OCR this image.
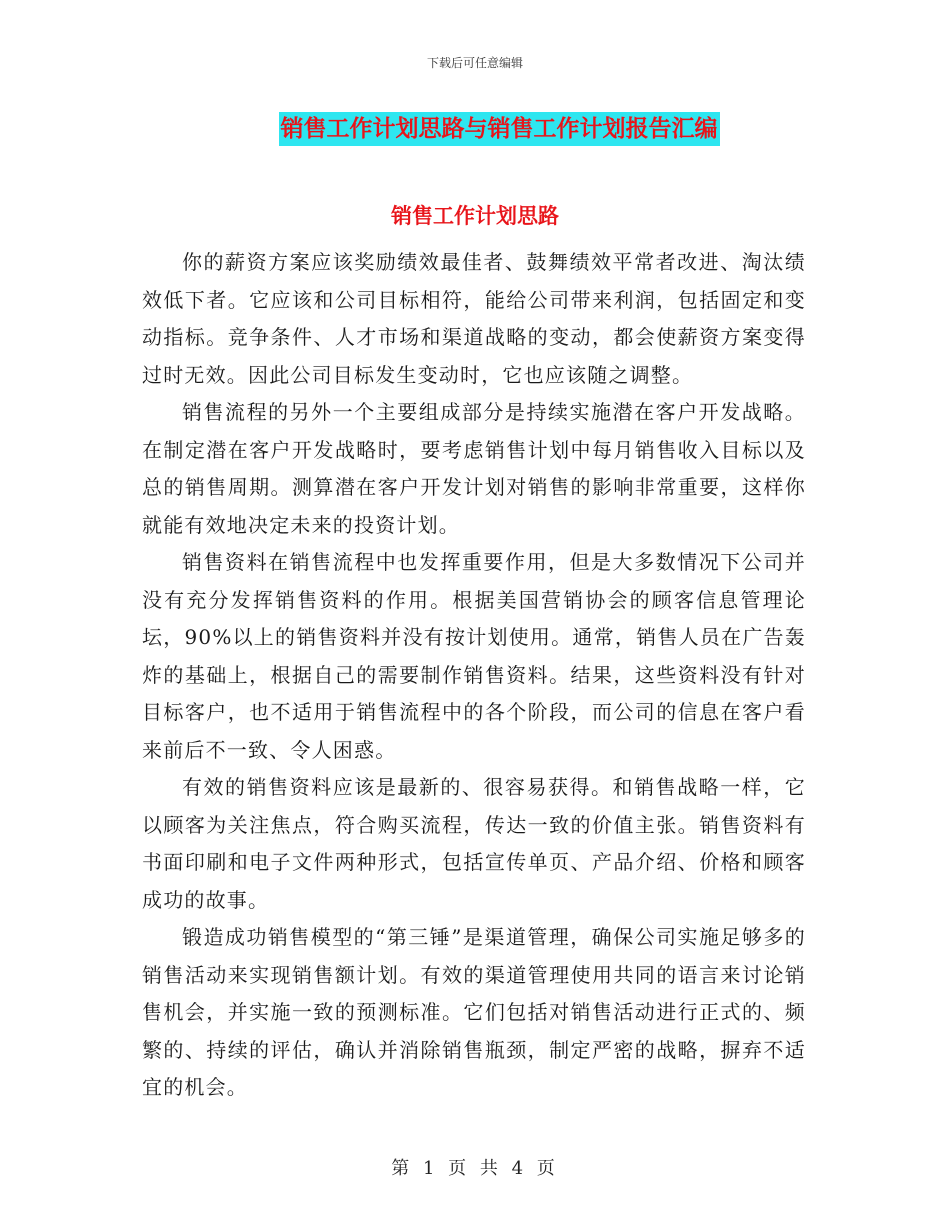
下载后可任意编辑
销售工作计划思路与销售工作计划报告汇编
销售工作计划思路

你的薪资方案应该奖励绩效最佳者、鼓舞绩效平常者改进、淘汰绩效低下者。它应该和公司目标相符，能给公司带来利润，包括固定和变动指标。竞争条件、人才市场和渠道战略的变动，都会使薪资方案变得过时无效。因此公司目标发生变动时，它也应该随之调整。

销售流程的另外一个主要组成部分是持续实施潜在客户开发战略。在制定潜在客户开发战略时，要考虑销售计划中每月销售收入目标以及总的销售周期。测算潜在客户开发计划对销售的影响非常重要，这样你就能有效地决定未来的投资计划。

销售资料在销售流程中也发挥重要作用，但是大多数情况下公司并没有充分发挥销售资料的作用。根据美国营销协会的顾客信息管理论坛，90%以上的销售资料并没有按计划使用。通常，销售人员在广告轰炸的基础上，根据自己的需要制作销售资料。结果，这些资料没有针对目标客户，也不适用于销售流程中的各个阶段，而公司的信息在客户看来前后不一致、令人困惑。

有效的销售资料应该是最新的、很容易获得。和销售战略一样，它以顾客为关注焦点，符合购买流程，传达一致的价值主张。销售资料有书面印刷和电子文件两种形式，包括宣传单页、产品介绍、价格和顾客成功的故事。

锻造成功销售模型的“第三锤”是渠道管理，确保公司实施足够多的销售活动来实现销售额计划。有效的渠道管理使用共同的语言来讨论销售机会，并实施一致的预测标准。它们包括对销售活动进行正式的、频繁的、持续的评估，确认并消除销售瓶颈，制定严密的战略，摒弃不适宜的机会。

第 1 页 共 4 页
